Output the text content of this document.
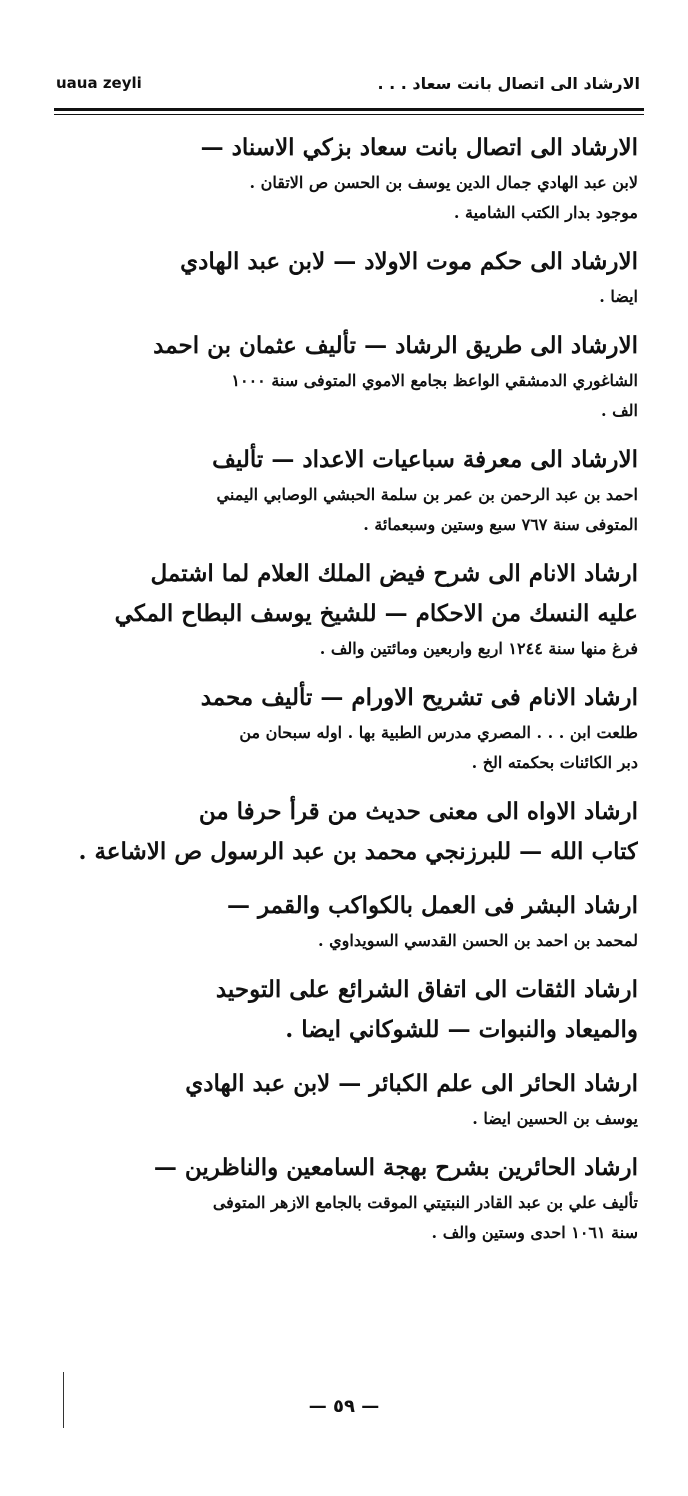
uaua zeyli	الارشاد الى اتصال بانت سعاد . . .
الارشاد الى اتصال بانت سعاد بزكي الاسناد —
لابن عبد الهادي جمال الدين يوسف بن الحسن ص الاتقان .
موجود بدار الكتب الشامية .
الارشاد الى حكم موت الاولاد — لابن عبد الهادي
ايضا .
الارشاد الى طريق الرشاد — تأليف عثمان بن احمد
الشاغوري الدمشقي الواعظ بجامع الاموي المتوفى سنة ١٠٠٠
الف .
الارشاد الى معرفة سباعيات الاعداد — تأليف
احمد بن عبد الرحمن بن عمر بن سلمة الحبشي الوصابي اليمني
المتوفى سنة ٧٦٧ سبع وستين وسبعمائة .
ارشاد الانام الى شرح فيض الملك العلام لما اشتمل
عليه النسك من الاحكام — للشيخ يوسف البطاح المكي
فرغ منها سنة ١٢٤٤ اربع واربعين ومائتين والف .
ارشاد الانام فى تشريح الاورام — تأليف محمد
طلعت ابن . . . المصري مدرس الطبية بها . اوله سبحان من
دبر الكائنات بحكمته الخ .
ارشاد الاواه الى معنى حديث من قرأ حرفا من
كتاب الله — للبرزنجي محمد بن عبد الرسول ص الاشاعة .
ارشاد البشر فى العمل بالكواكب والقمر —
لمحمد بن احمد بن الحسن القدسي السويداوي .
ارشاد الثقات الى اتفاق الشرائع على التوحيد
والميعاد والنبوات — للشوكاني ايضا .
ارشاد الحائر الى علم الكبائر — لابن عبد الهادي
يوسف بن الحسين ايضا .
ارشاد الحائرين بشرح بهجة السامعين والناظرين —
تأليف علي بن عبد القادر النبتيتي الموقت بالجامع الازهر المتوفى
سنة ١٠٦١ احدى وستين والف .
— ٥٩ —
